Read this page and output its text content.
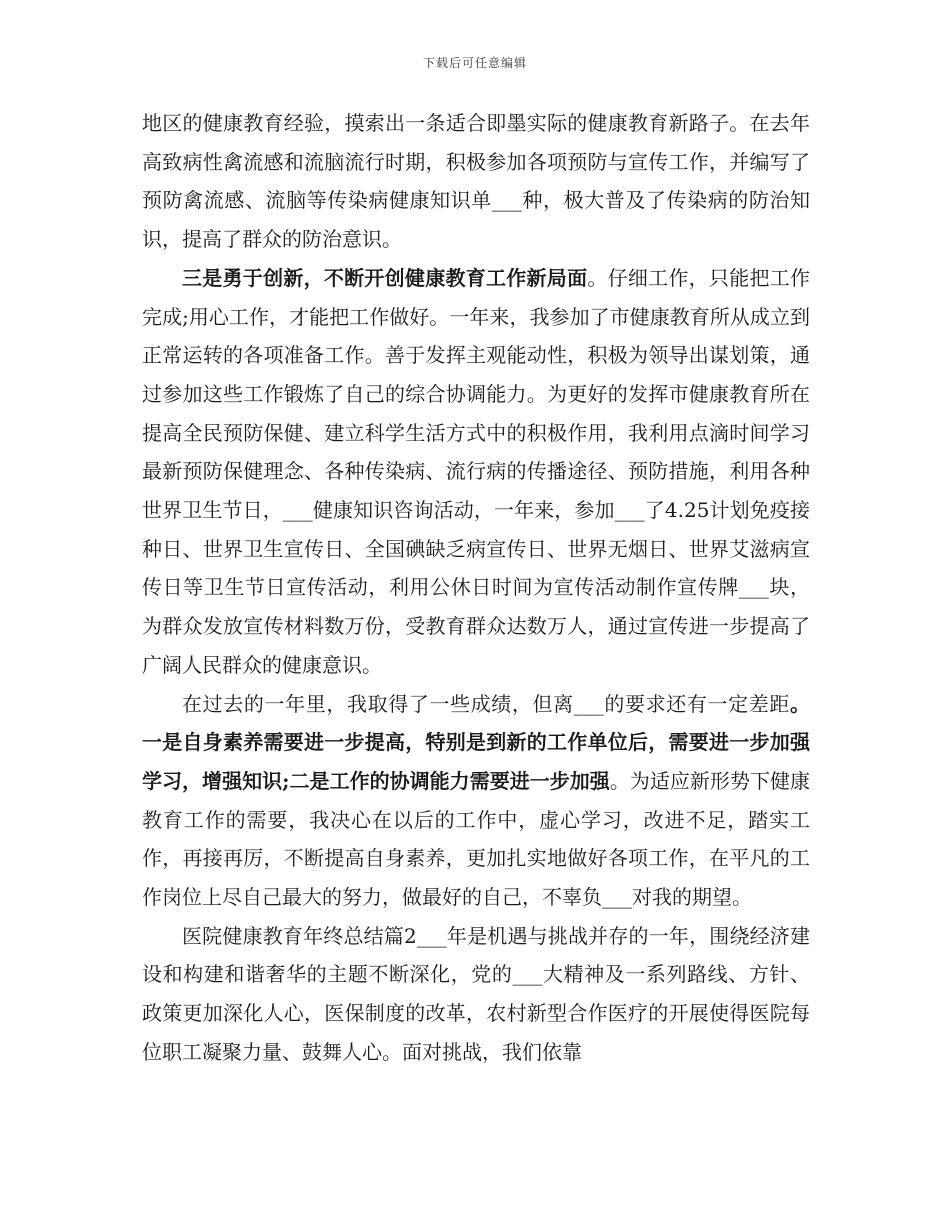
下载后可任意编辑

地区的健康教育经验，摸索出一条适合即墨实际的健康教育新路子。在去年高致病性禽流感和流脑流行时期，积极参加各项预防与宣传工作，并编写了预防禽流感、流脑等传染病健康知识单___种，极大普及了传染病的防治知识，提高了群众的防治意识。

三是勇于创新，不断开创健康教育工作新局面。仔细工作，只能把工作完成;用心工作，才能把工作做好。一年来，我参加了市健康教育所从成立到正常运转的各项准备工作。善于发挥主观能动性，积极为领导出谋划策，通过参加这些工作锻炼了自己的综合协调能力。为更好的发挥市健康教育所在提高全民预防保健、建立科学生活方式中的积极作用，我利用点滴时间学习最新预防保健理念、各种传染病、流行病的传播途径、预防措施，利用各种世界卫生节日，___健康知识咨询活动，一年来，参加___了4.25计划免疫接种日、世界卫生宣传日、全国碘缺乏病宣传日、世界无烟日、世界艾滋病宣传日等卫生节日宣传活动，利用公休日时间为宣传活动制作宣传牌___块，为群众发放宣传材料数万份，受教育群众达数万人，通过宣传进一步提高了广阔人民群众的健康意识。

在过去的一年里，我取得了一些成绩，但离___的要求还有一定差距。一是自身素养需要进一步提高，特别是到新的工作单位后，需要进一步加强学习，增强知识;二是工作的协调能力需要进一步加强。为适应新形势下健康教育工作的需要，我决心在以后的工作中，虚心学习，改进不足，踏实工作，再接再厉，不断提高自身素养，更加扎实地做好各项工作，在平凡的工作岗位上尽自己最大的努力，做最好的自己，不辜负___对我的期望。

医院健康教育年终总结篇2___年是机遇与挑战并存的一年，围绕经济建设和构建和谐奢华的主题不断深化，党的___大精神及一系列路线、方针、政策更加深化人心，医保制度的改革，农村新型合作医疗的开展使得医院每位职工凝聚力量、鼓舞人心。面对挑战，我们依靠
